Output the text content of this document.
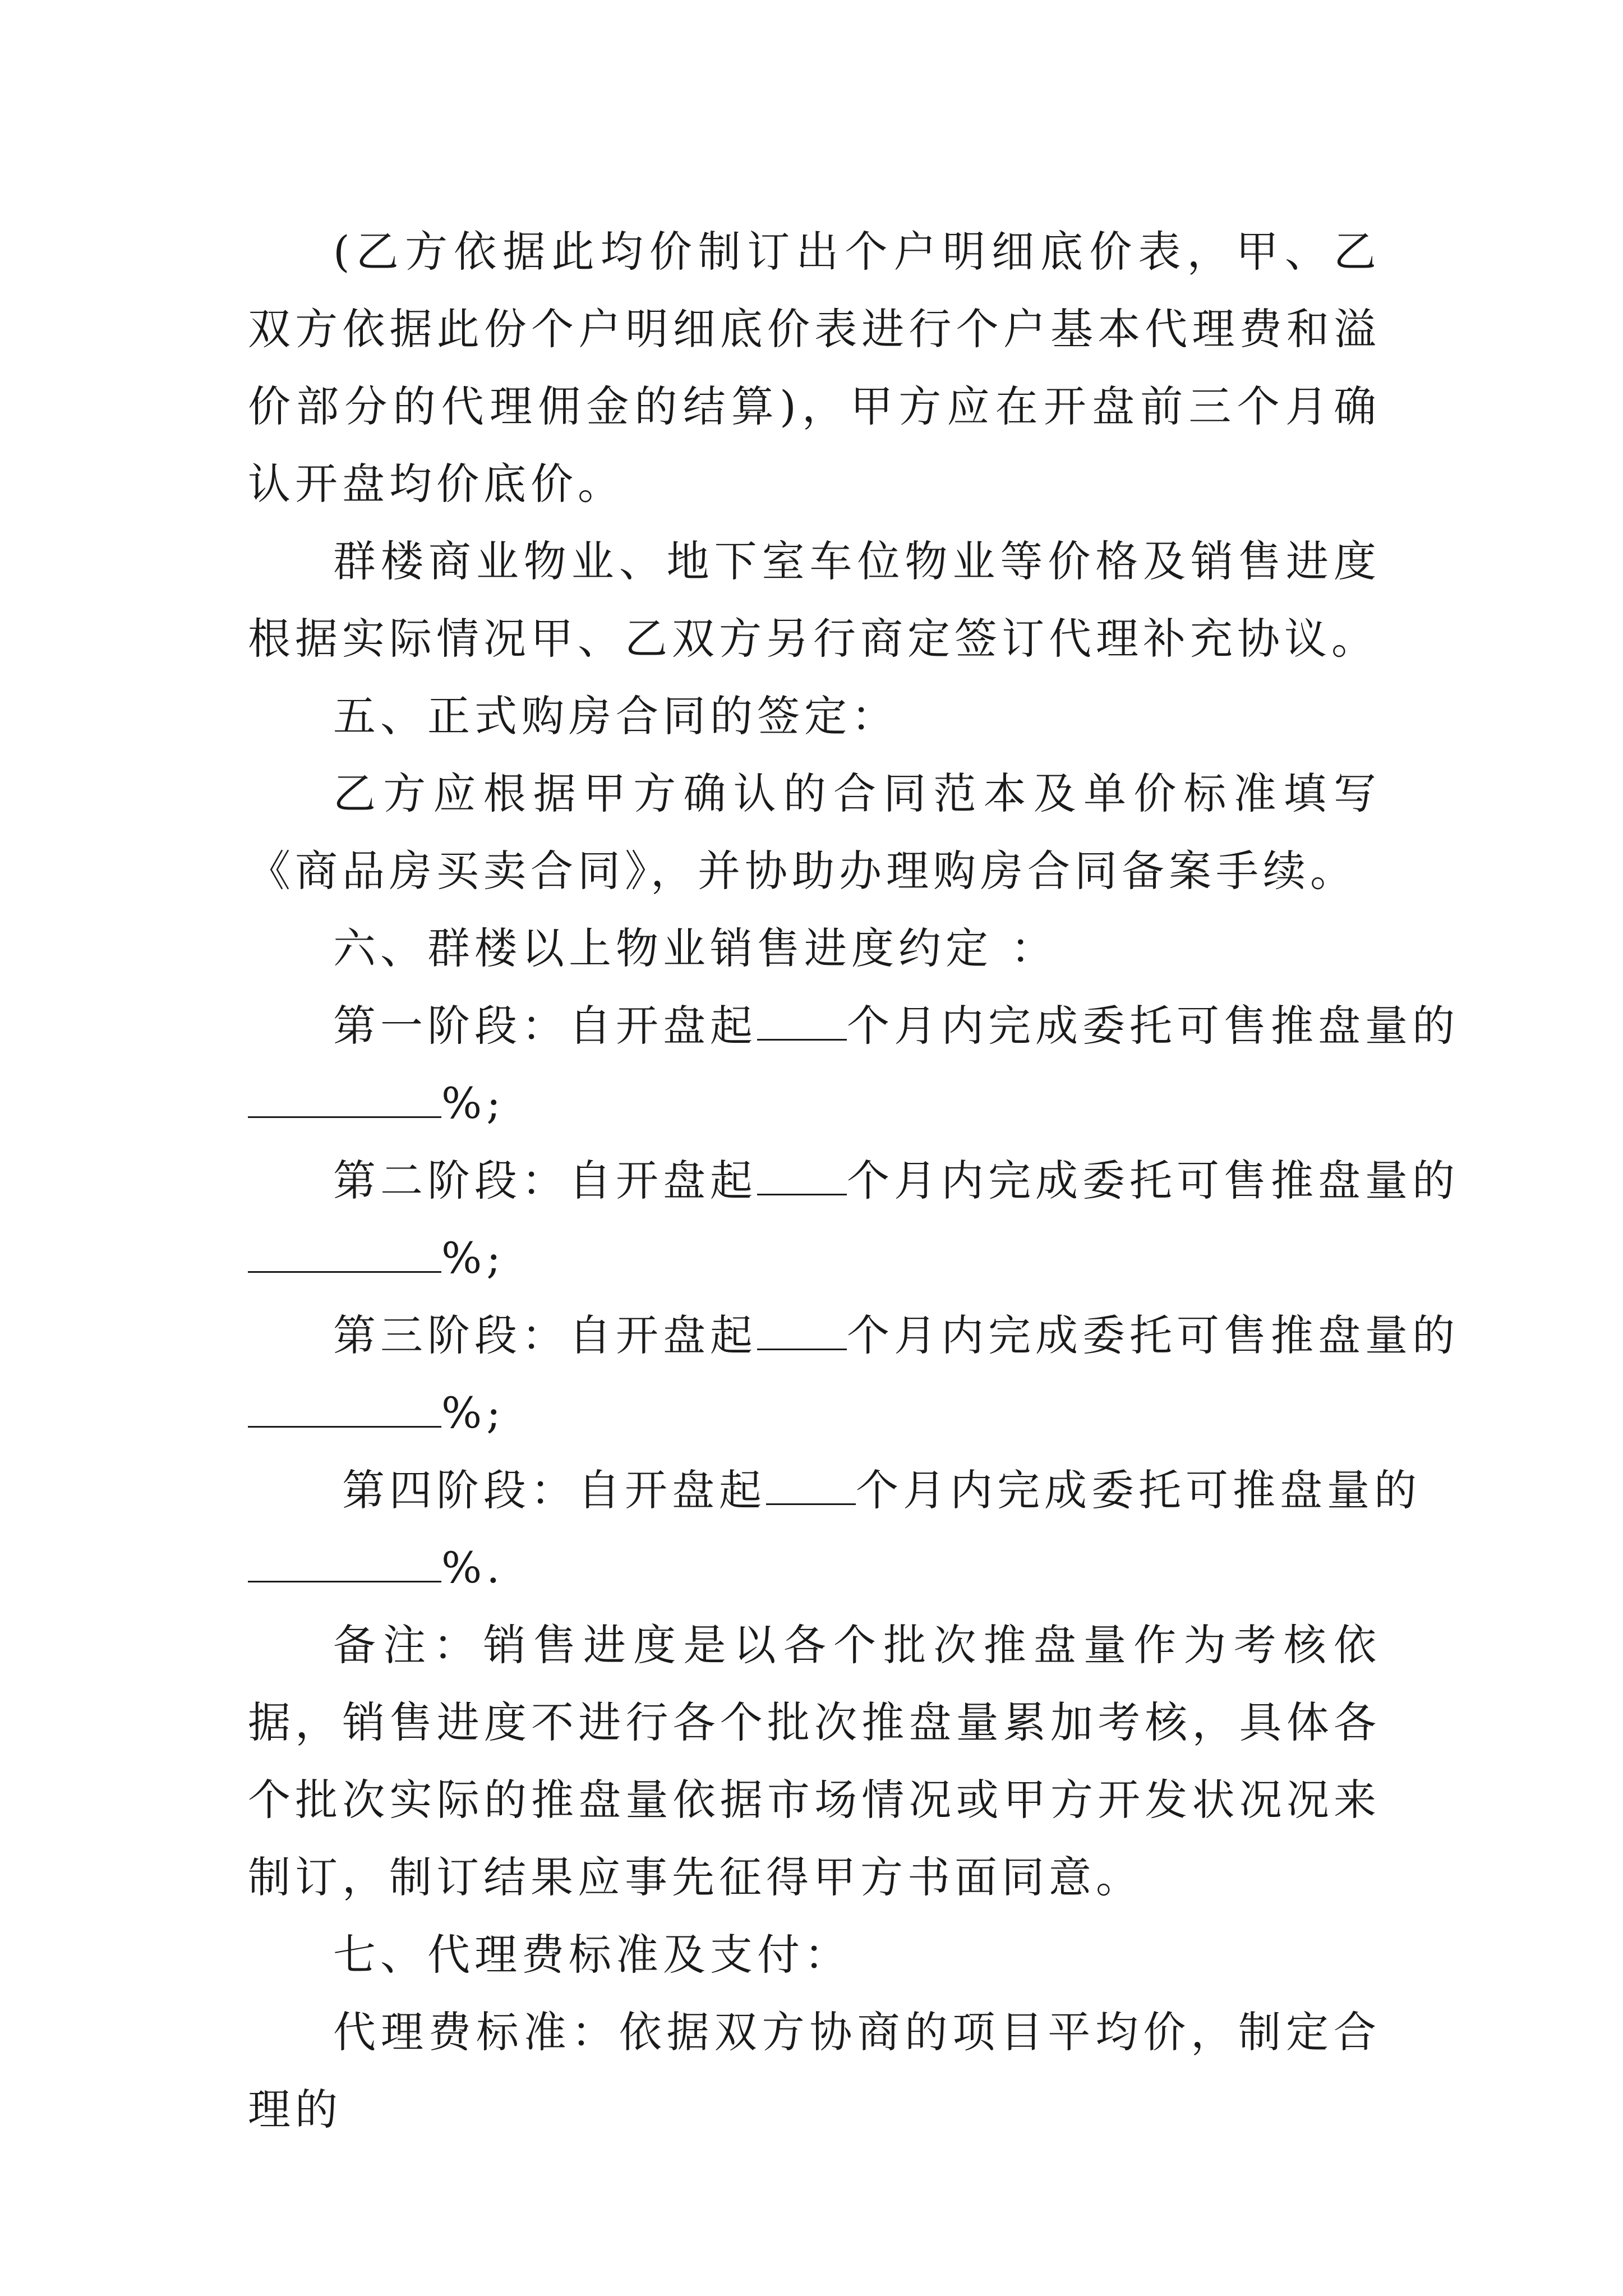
(乙方依据此均价制订出个户明细底价表，甲、乙双方依据此份个户明细底价表进行个户基本代理费和溢价部分的代理佣金的结算)，甲方应在开盘前三个月确认开盘均价底价。

群楼商业物业、地下室车位物业等价格及销售进度根据实际情况甲、乙双方另行商定签订代理补充协议。

五、正式购房合同的签定：

乙方应根据甲方确认的合同范本及单价标准填写《商品房买卖合同》，并协助办理购房合同备案手续。

六、群楼以上物业销售进度约定 ：

第一阶段：自开盘起 个月内完成委托可售推盘量的

%;

第二阶段：自开盘起 个月内完成委托可售推盘量的

%;

第三阶段：自开盘起 个月内完成委托可售推盘量的

%;

第四阶段：自开盘起 个月内完成委托可推盘量的

%.

备注：销售进度是以各个批次推盘量作为考核依据，销售进度不进行各个批次推盘量累加考核，具体各个批次实际的推盘量依据市场情况或甲方开发状况况来制订，制订结果应事先征得甲方书面同意。

七、代理费标准及支付：

代理费标准：依据双方协商的项目平均价，制定合理的
